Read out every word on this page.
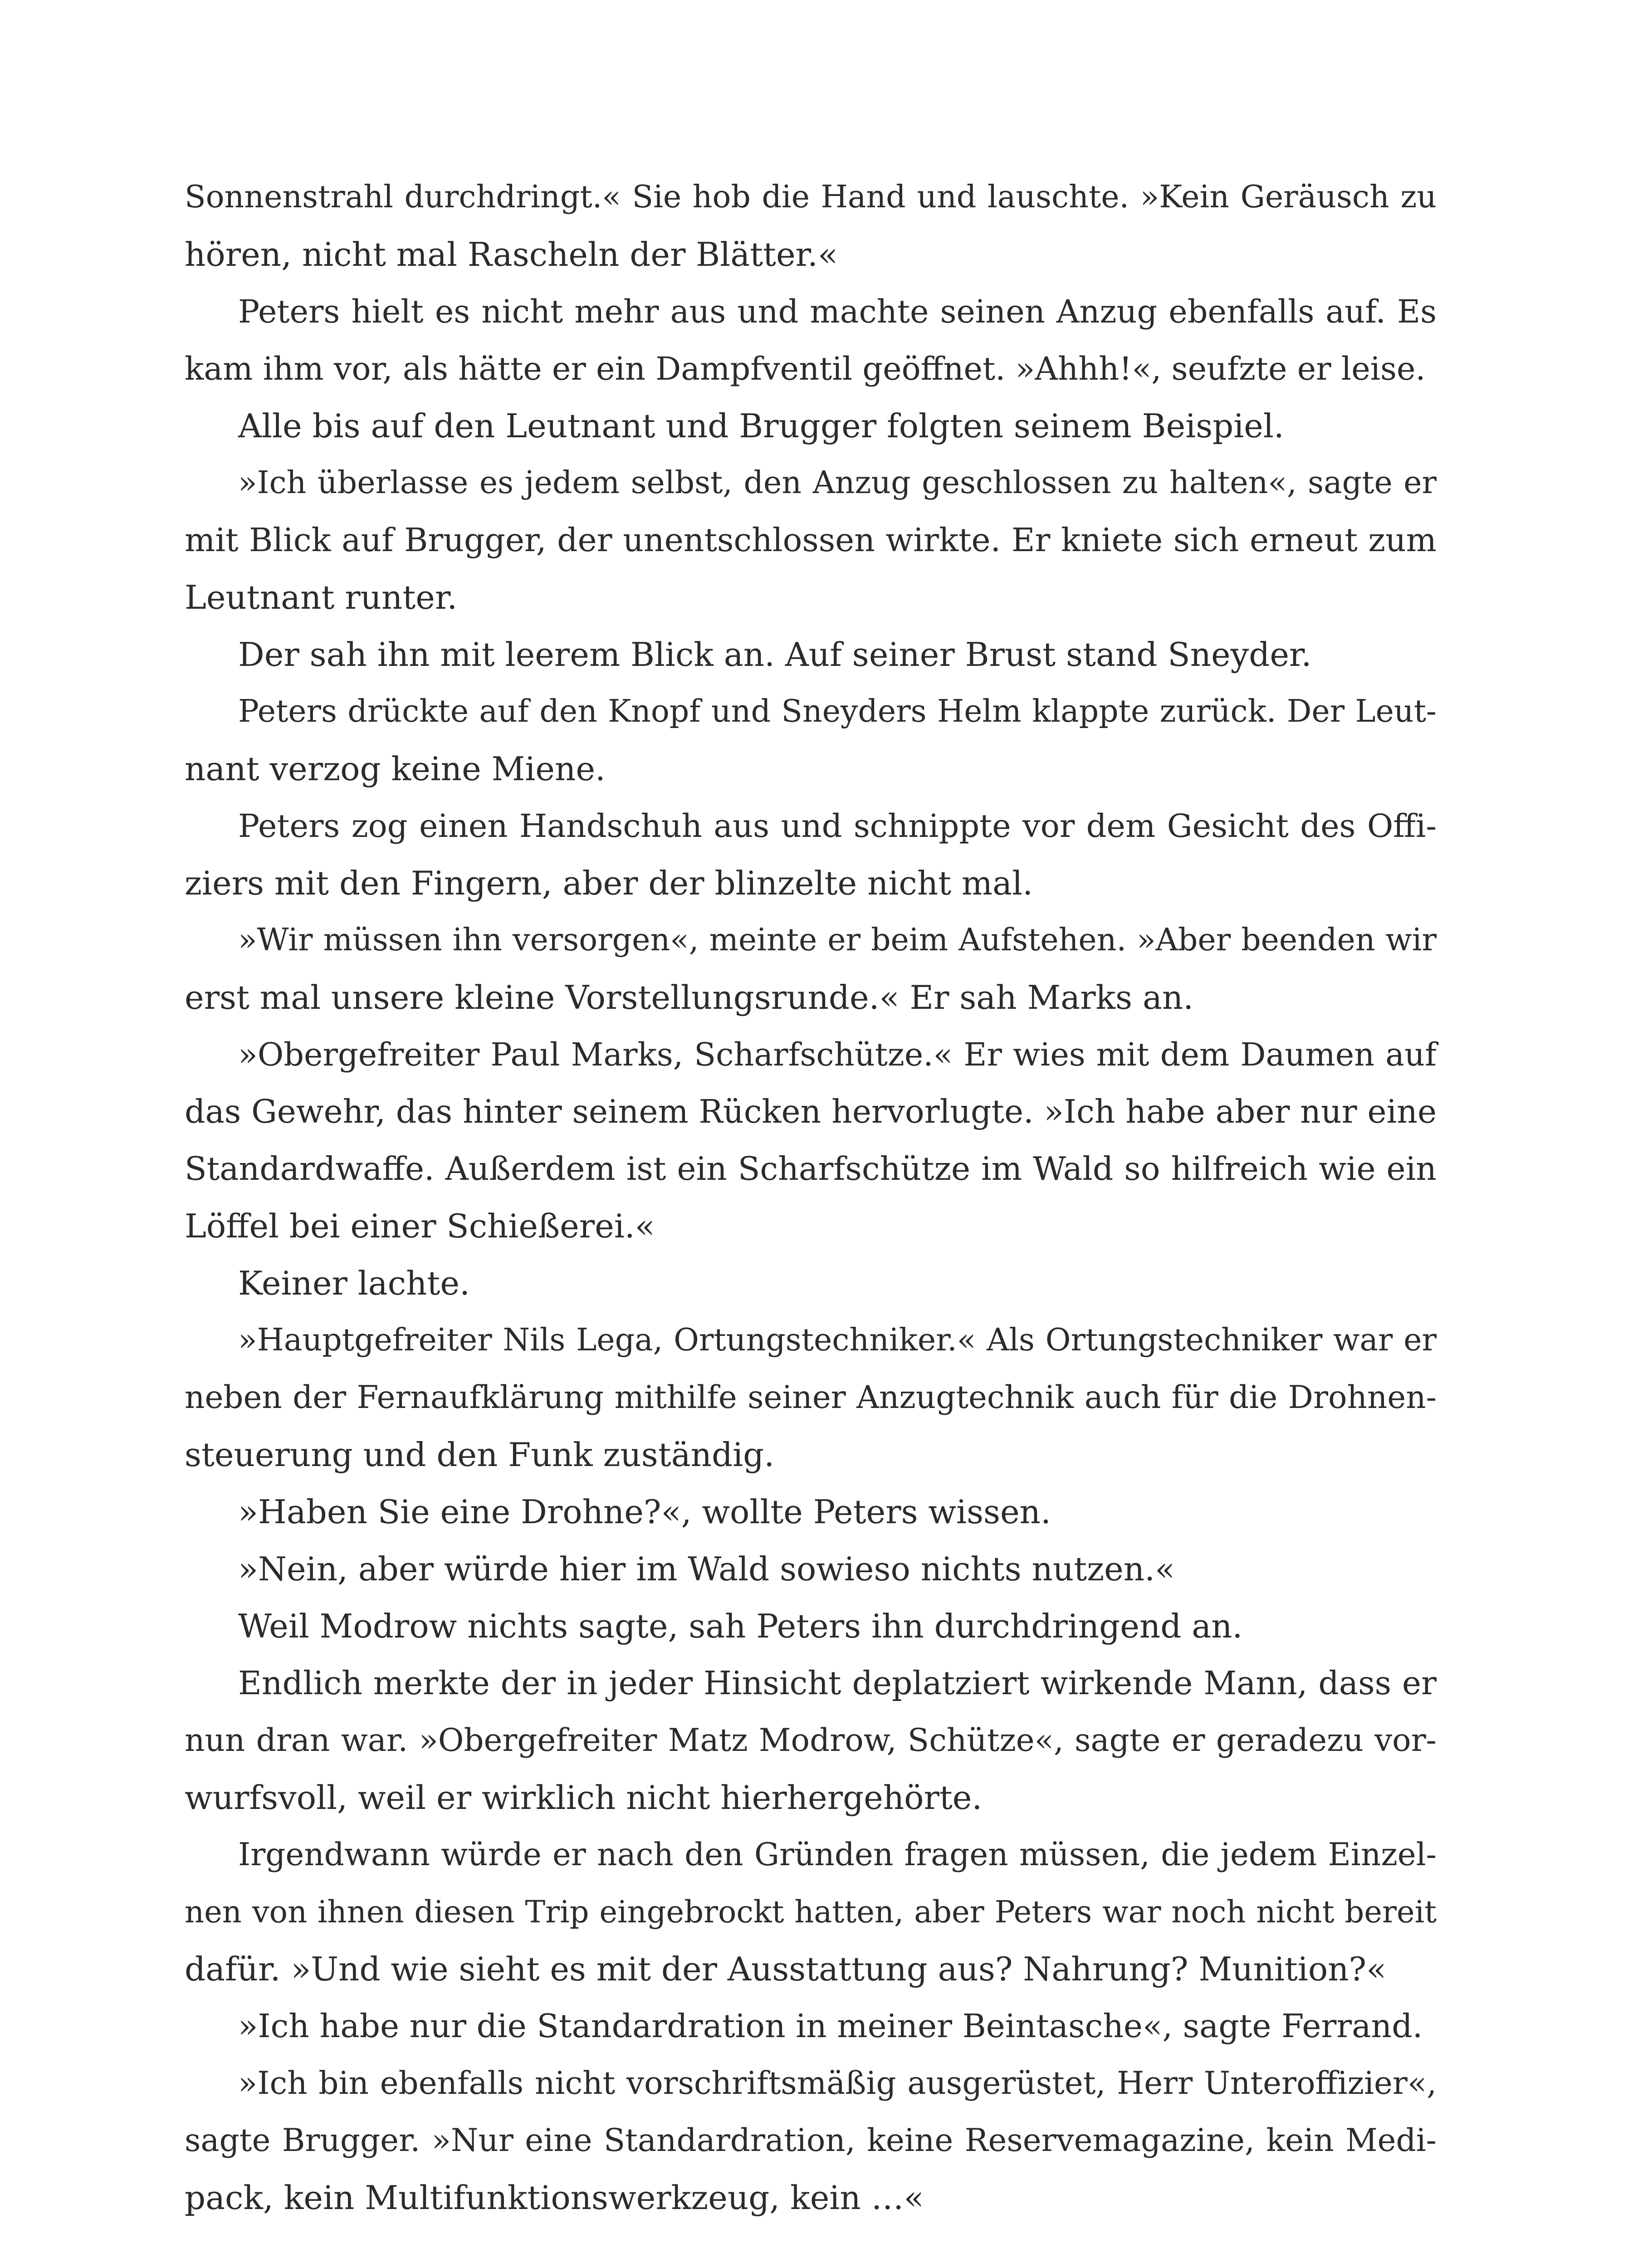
Sonnenstrahl durchdringt.« Sie hob die Hand und lauschte. »Kein Geräusch zu
hören, nicht mal Rascheln der Blätter.«
Peters hielt es nicht mehr aus und machte seinen Anzug ebenfalls auf. Es
kam ihm vor, als hätte er ein Dampfventil geöffnet. »Ahhh!«, seufzte er leise.
Alle bis auf den Leutnant und Brugger folgten seinem Beispiel.
»Ich überlasse es jedem selbst, den Anzug geschlossen zu halten«, sagte er
mit Blick auf Brugger, der unentschlossen wirkte. Er kniete sich erneut zum
Leutnant runter.
Der sah ihn mit leerem Blick an. Auf seiner Brust stand Sneyder.
Peters drückte auf den Knopf und Sneyders Helm klappte zurück. Der Leut-
nant verzog keine Miene.
Peters zog einen Handschuh aus und schnippte vor dem Gesicht des Offi-
ziers mit den Fingern, aber der blinzelte nicht mal.
»Wir müssen ihn versorgen«, meinte er beim Aufstehen. »Aber beenden wir
erst mal unsere kleine Vorstellungsrunde.« Er sah Marks an.
»Obergefreiter Paul Marks, Scharfschütze.« Er wies mit dem Daumen auf
das Gewehr, das hinter seinem Rücken hervorlugte. »Ich habe aber nur eine
Standardwaffe. Außerdem ist ein Scharfschütze im Wald so hilfreich wie ein
Löffel bei einer Schießerei.«
Keiner lachte.
»Hauptgefreiter Nils Lega, Ortungstechniker.« Als Ortungstechniker war er
neben der Fernaufklärung mithilfe seiner Anzugtechnik auch für die Drohnen-
steuerung und den Funk zuständig.
»Haben Sie eine Drohne?«, wollte Peters wissen.
»Nein, aber würde hier im Wald sowieso nichts nutzen.«
Weil Modrow nichts sagte, sah Peters ihn durchdringend an.
Endlich merkte der in jeder Hinsicht deplatziert wirkende Mann, dass er
nun dran war. »Obergefreiter Matz Modrow, Schütze«, sagte er geradezu vor-
wurfsvoll, weil er wirklich nicht hierhergehörte.
Irgendwann würde er nach den Gründen fragen müssen, die jedem Einzel-
nen von ihnen diesen Trip eingebrockt hatten, aber Peters war noch nicht bereit
dafür. »Und wie sieht es mit der Ausstattung aus? Nahrung? Munition?«
»Ich habe nur die Standardration in meiner Beintasche«, sagte Ferrand.
»Ich bin ebenfalls nicht vorschriftsmäßig ausgerüstet, Herr Unteroffizier«,
sagte Brugger. »Nur eine Standardration, keine Reservemagazine, kein Medi-
pack, kein Multifunktionswerkzeug, kein …«
